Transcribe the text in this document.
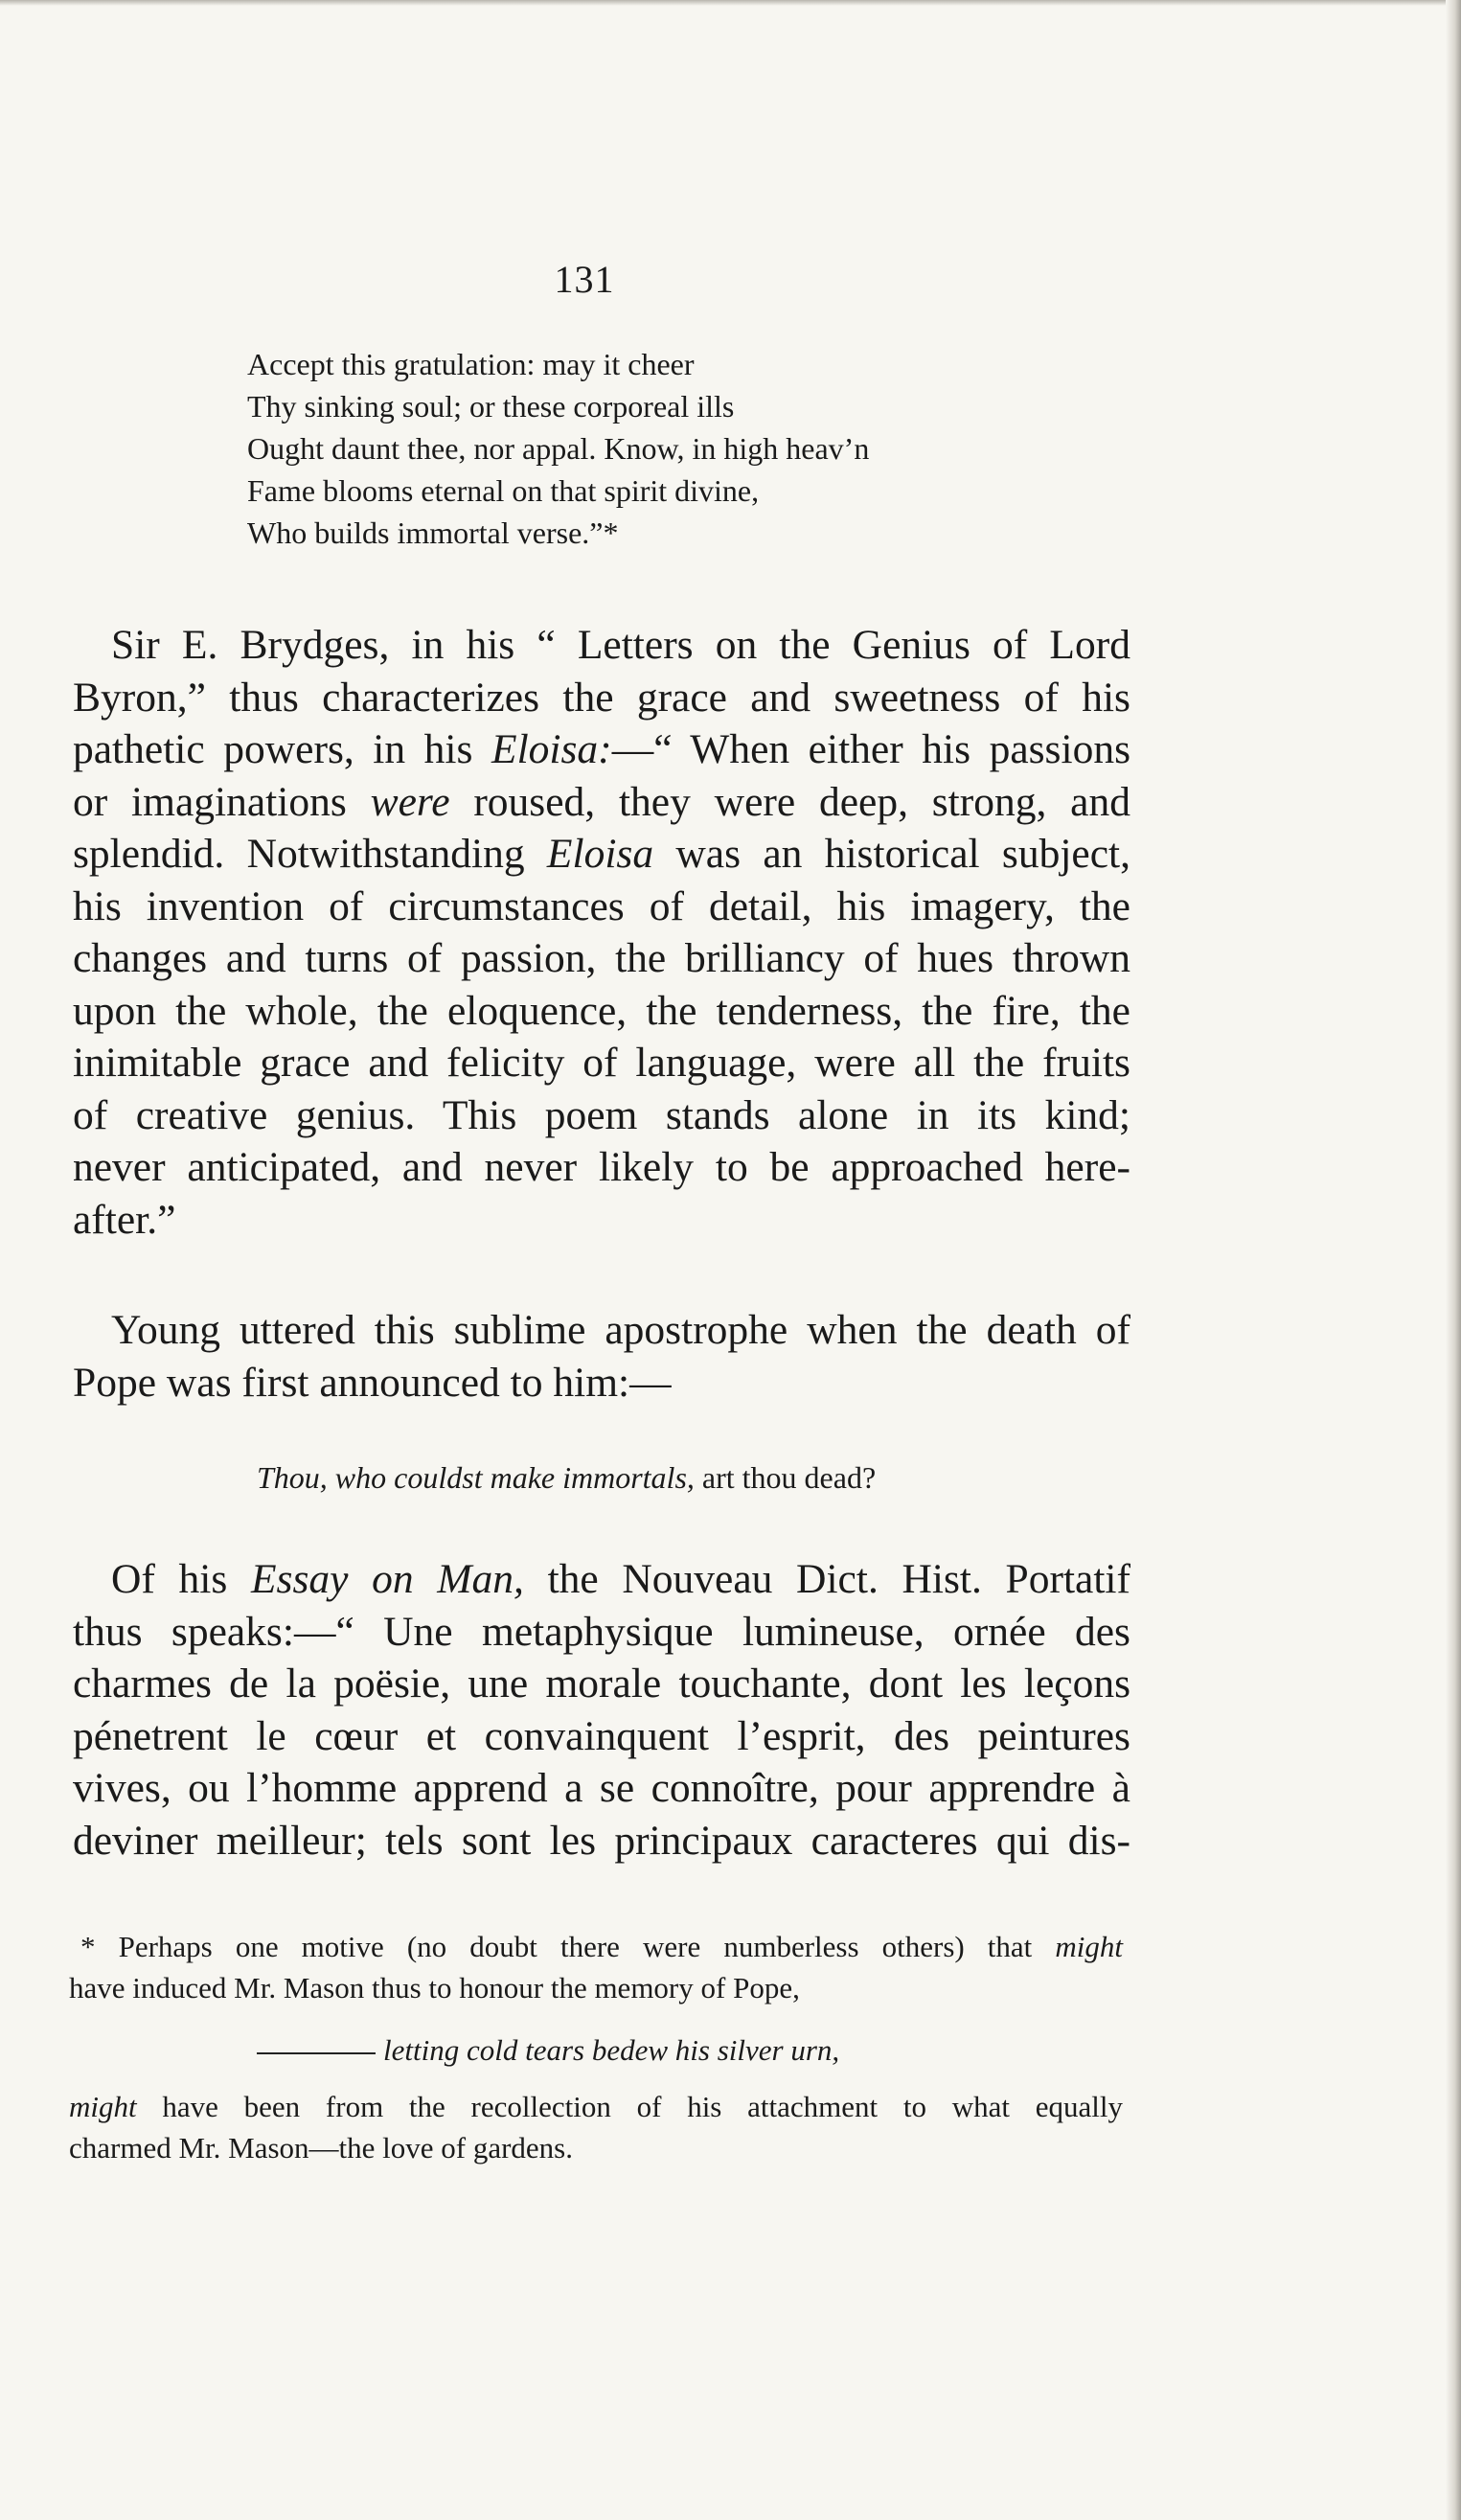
131
Accept this gratulation: may it cheer
Thy sinking soul; or these corporeal ills
Ought daunt thee, nor appal. Know, in high heav’n
Fame blooms eternal on that spirit divine,
Who builds immortal verse.”*
Sir E. Brydges, in his “ Letters on the Genius of Lord
Byron,” thus characterizes the grace and sweetness of his
pathetic powers, in his Eloisa:—“ When either his passions
or imaginations were roused, they were deep, strong, and
splendid. Notwithstanding Eloisa was an historical subject,
his invention of circumstances of detail, his imagery, the
changes and turns of passion, the brilliancy of hues thrown
upon the whole, the eloquence, the tenderness, the fire, the
inimitable grace and felicity of language, were all the fruits
of creative genius. This poem stands alone in its kind;
never anticipated, and never likely to be approached here-
after.”
Young uttered this sublime apostrophe when the death of
Pope was first announced to him:—
Thou, who couldst make immortals, art thou dead?
Of his Essay on Man, the Nouveau Dict. Hist. Portatif
thus speaks:—“ Une metaphysique lumineuse, ornée des
charmes de la poësie, une morale touchante, dont les leçons
pénetrent le cœur et convainquent l’esprit, des peintures
vives, ou l’homme apprend a se connoître, pour apprendre à
deviner meilleur; tels sont les principaux caracteres qui dis-
* Perhaps one motive (no doubt there were numberless others) that might
have induced Mr. Mason thus to honour the memory of Pope,
letting cold tears bedew his silver urn,
might have been from the recollection of his attachment to what equally
charmed Mr. Mason—the love of gardens.
